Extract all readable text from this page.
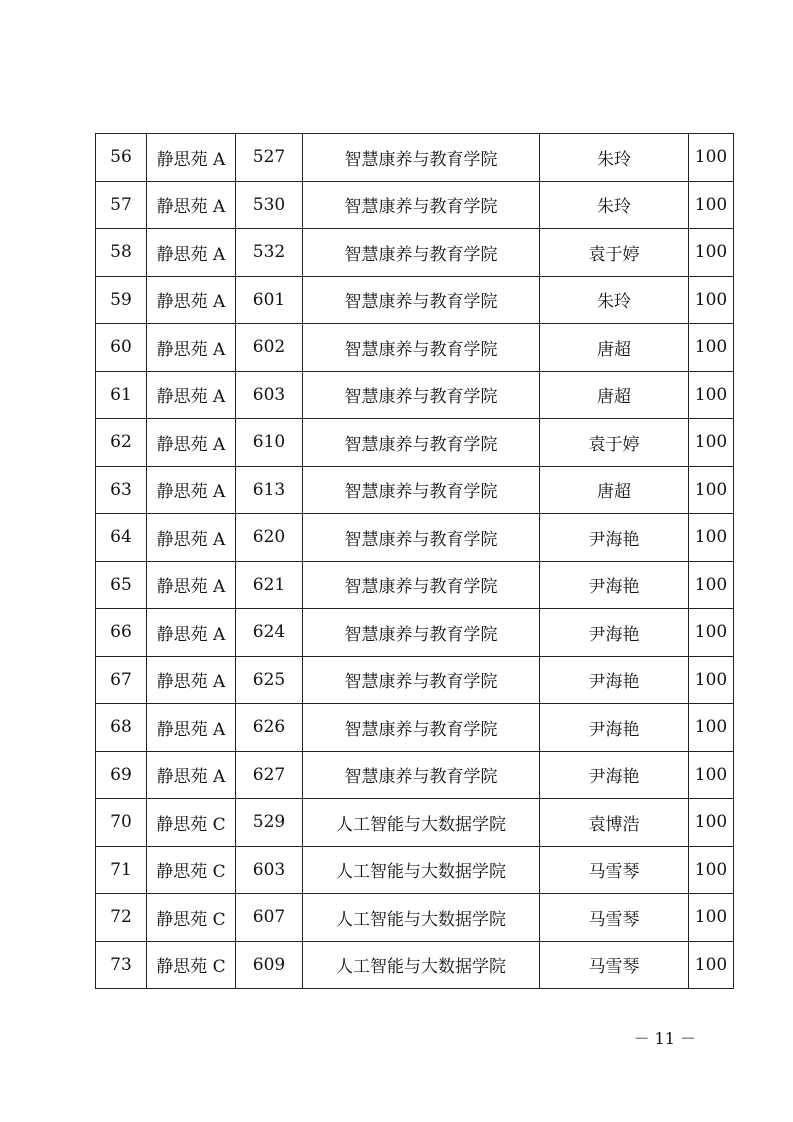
56	静思苑 A	527	智慧康养与教育学院	朱玲	100
57	静思苑 A	530	智慧康养与教育学院	朱玲	100
58	静思苑 A	532	智慧康养与教育学院	袁于婷	100
59	静思苑 A	601	智慧康养与教育学院	朱玲	100
60	静思苑 A	602	智慧康养与教育学院	唐超	100
61	静思苑 A	603	智慧康养与教育学院	唐超	100
62	静思苑 A	610	智慧康养与教育学院	袁于婷	100
63	静思苑 A	613	智慧康养与教育学院	唐超	100
64	静思苑 A	620	智慧康养与教育学院	尹海艳	100
65	静思苑 A	621	智慧康养与教育学院	尹海艳	100
66	静思苑 A	624	智慧康养与教育学院	尹海艳	100
67	静思苑 A	625	智慧康养与教育学院	尹海艳	100
68	静思苑 A	626	智慧康养与教育学院	尹海艳	100
69	静思苑 A	627	智慧康养与教育学院	尹海艳	100
70	静思苑 C	529	人工智能与大数据学院	袁博浩	100
71	静思苑 C	603	人工智能与大数据学院	马雪琴	100
72	静思苑 C	607	人工智能与大数据学院	马雪琴	100
73	静思苑 C	609	人工智能与大数据学院	马雪琴	100
－ 11 －
